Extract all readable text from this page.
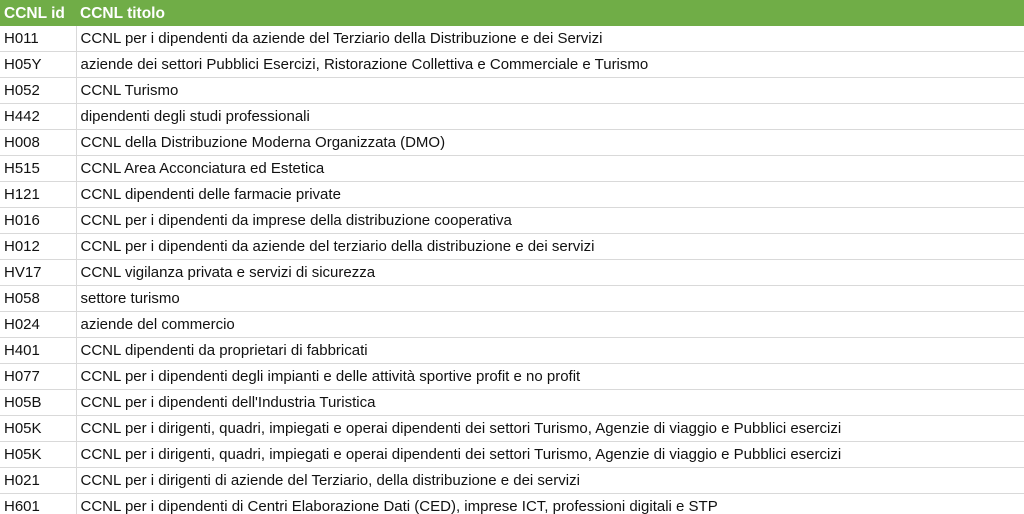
CCNL id	CCNL titolo
H011	CCNL per i dipendenti da aziende del Terziario della Distribuzione e dei Servizi
H05Y	aziende dei settori Pubblici Esercizi, Ristorazione Collettiva e Commerciale e Turismo
H052	CCNL Turismo
H442	dipendenti degli studi professionali
H008	CCNL della Distribuzione Moderna Organizzata (DMO)
H515	CCNL Area Acconciatura ed Estetica
H121	CCNL dipendenti delle farmacie private
H016	CCNL per i dipendenti da imprese della distribuzione cooperativa
H012	CCNL per i dipendenti da aziende del terziario della distribuzione e dei servizi
HV17	CCNL vigilanza privata e servizi di sicurezza
H058	settore turismo
H024	aziende del commercio
H401	CCNL dipendenti da proprietari di fabbricati
H077	CCNL per i dipendenti degli impianti e delle attività sportive profit e no profit
H05B	CCNL per i dipendenti dell'Industria Turistica
H05K	CCNL per i dirigenti, quadri, impiegati e operai dipendenti dei settori Turismo, Agenzie di viaggio e Pubblici esercizi
H05K	CCNL per i dirigenti, quadri, impiegati e operai dipendenti dei settori Turismo, Agenzie di viaggio e Pubblici esercizi
H021	CCNL per i dirigenti di aziende del Terziario, della distribuzione e dei servizi
H601	CCNL per i dipendenti di Centri Elaborazione Dati (CED), imprese ICT, professioni digitali e STP
